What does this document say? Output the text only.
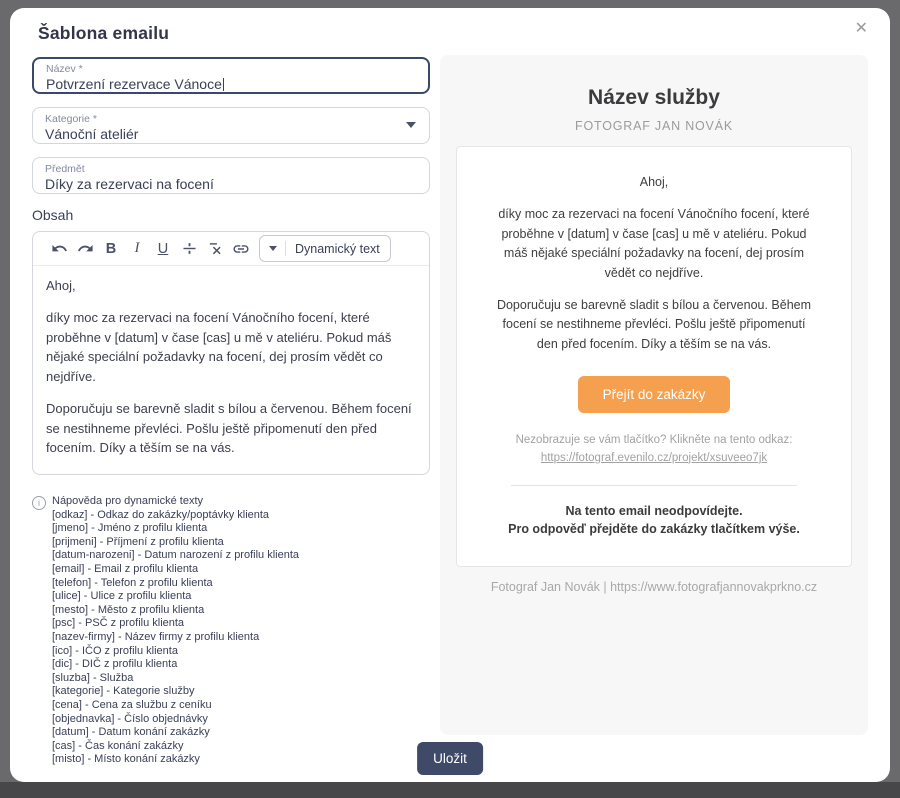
Šablona emailu	✕
Název *
Potvrzení rezervace Vánoce
Kategorie *
Vánoční ateliér
Předmět
Díky za rezervaci na focení
Obsah
B	I	U	Dynamický text

Ahoj,

díky moc za rezervaci na focení Vánočního focení, které proběhne v [datum] v čase [cas] u mě v ateliéru. Pokud máš nějaké speciální požadavky na focení, dej prosím vědět co nejdříve.

Doporučuju se barevně sladit s bílou a červenou. Během focení se nestihneme převléci. Pošlu ještě připomenutí den před focením. Díky a těším se na vás.

i	Nápověda pro dynamické texty
[odkaz] - Odkaz do zakázky/poptávky klienta
[jmeno] - Jméno z profilu klienta
[prijmeni] - Příjmení z profilu klienta
[datum-narozeni] - Datum narození z profilu klienta
[email] - Email z profilu klienta
[telefon] - Telefon z profilu klienta
[ulice] - Ulice z profilu klienta
[mesto] - Město z profilu klienta
[psc] - PSČ z profilu klienta
[nazev-firmy] - Název firmy z profilu klienta
[ico] - IČO z profilu klienta
[dic] - DIČ z profilu klienta
[sluzba] - Služba
[kategorie] - Kategorie služby
[cena] - Cena za službu z ceníku
[objednavka] - Číslo objednávky
[datum] - Datum konání zakázky
[cas] - Čas konání zakázky
[misto] - Místo konání zakázky
Název služby
FOTOGRAF JAN NOVÁK

Ahoj,

díky moc za rezervaci na focení Vánočního focení, které proběhne v [datum] v čase [cas] u mě v ateliéru. Pokud máš nějaké speciální požadavky na focení, dej prosím vědět co nejdříve.

Doporučuju se barevně sladit s bílou a červenou. Během focení se nestihneme převléci. Pošlu ještě připomenutí den před focením. Díky a těším se na vás.

Přejít do zakázky
Nezobrazuje se vám tlačítko? Klikněte na tento odkaz:
https://fotograf.evenilo.cz/projekt/xsuveeo7jk
Na tento email neodpovídejte.
Pro odpověď přejděte do zakázky tlačítkem výše.
Fotograf Jan Novák | https://www.fotografjannovakprkno.cz
Uložit
